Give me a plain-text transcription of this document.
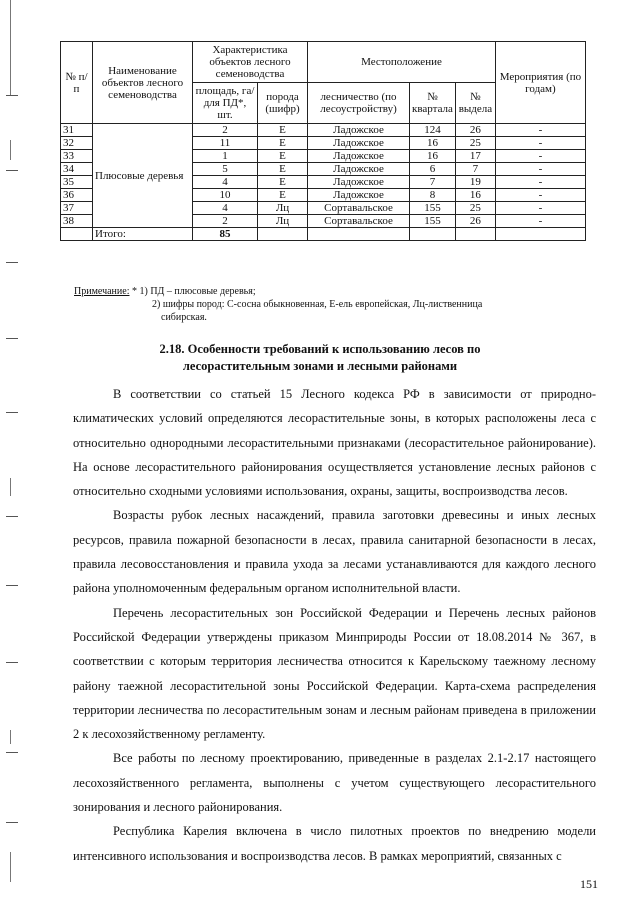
№ п/п	Наименование объектов лесного семеноводства	Характеристика объектов лесного семеноводства		Местоположение			Мероприятия (по годам)
		площадь, га/ для ПД*, шт.	порода (шифр)	лесничество (по лесоустройству)	№ квартала	№ выдела	
31	Плюсовые деревья	2	Е	Ладожское	124	26	-
32		11	Е	Ладожское	16	25	-
33		1	Е	Ладожское	16	17	-
34		5	Е	Ладожское	6	7	-
35		4	Е	Ладожское	7	19	-
36		10	Е	Ладожское	8	16	-
37		4	Лц	Сортавальское	155	25	-
38		2	Лц	Сортавальское	155	26	-
	Итого:	85					
Примечание: * 1) ПД – плюсовые деревья;
2) шифры пород: С-сосна обыкновенная, Е-ель европейская, Лц-лиственница
сибирская.
2.18. Особенности требований к использованию лесов по
лесорастительным зонами и лесными районами

В соответствии со статьей 15 Лесного кодекса РФ в зависимости от природно-климатических условий определяются лесорастительные зоны, в которых расположены леса с относительно однородными лесорастительными признаками (лесорастительное районирование). На основе лесорастительного районирования осуществляется установление лесных районов с относительно сходными условиями использования, охраны, защиты, воспроизводства лесов.

Возрасты рубок лесных насаждений, правила заготовки древесины и иных лесных ресурсов, правила пожарной безопасности в лесах, правила санитарной безопасности в лесах, правила лесовосстановления и правила ухода за лесами устанавливаются для каждого лесного района уполномоченным федеральным органом исполнительной власти.

Перечень лесорастительных зон Российской Федерации и Перечень лесных районов Российской Федерации утверждены приказом Минприроды России от 18.08.2014 № 367, в соответствии с которым территория лесничества относится к Карельскому таежному лесному району таежной лесорастительной зоны Российской Федерации. Карта-схема распределения территории лесничества по лесорастительным зонам и лесным районам приведена в приложении 2 к лесохозяйственному регламенту.

Все работы по лесному проектированию, приведенные в разделах 2.1-2.17 настоящего лесохозяйственного регламента, выполнены с учетом существующего лесорастительного зонирования и лесного районирования.

Республика Карелия включена в число пилотных проектов по внедрению модели интенсивного использования и воспроизводства лесов. В рамках мероприятий, связанных с

151
